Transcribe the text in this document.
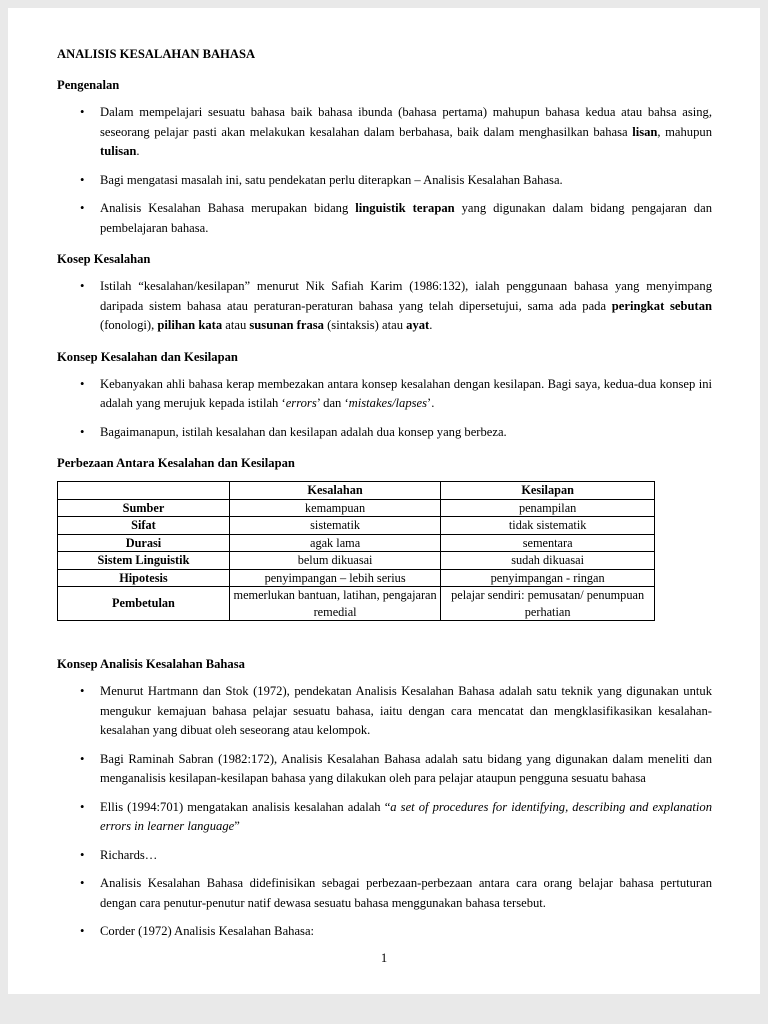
ANALISIS KESALAHAN BAHASA
Pengenalan
• Dalam mempelajari sesuatu bahasa baik bahasa ibunda (bahasa pertama) mahupun bahasa kedua atau bahsa asing, seseorang pelajar pasti akan melakukan kesalahan dalam berbahasa, baik dalam menghasilkan bahasa lisan, mahupun tulisan.
• Bagi mengatasi masalah ini, satu pendekatan perlu diterapkan – Analisis Kesalahan Bahasa.
• Analisis Kesalahan Bahasa merupakan bidang linguistik terapan yang digunakan dalam bidang pengajaran dan pembelajaran bahasa.
Kosep Kesalahan
• Istilah “kesalahan/kesilapan” menurut Nik Safiah Karim (1986:132), ialah penggunaan bahasa yang menyimpang daripada sistem bahasa atau peraturan-peraturan bahasa yang telah dipersetujui, sama ada pada peringkat sebutan (fonologi), pilihan kata atau susunan frasa (sintaksis) atau ayat.
Konsep Kesalahan dan Kesilapan
• Kebanyakan ahli bahasa kerap membezakan antara konsep kesalahan dengan kesilapan. Bagi saya, kedua-dua konsep ini adalah yang merujuk kepada istilah ‘errors’ dan ‘mistakes/lapses’.
• Bagaimanapun, istilah kesalahan dan kesilapan adalah dua konsep yang berbeza.
Perbezaan Antara Kesalahan dan Kesilapan
	Kesalahan	Kesilapan
Sumber	kemampuan	penampilan
Sifat	sistematik	tidak sistematik
Durasi	agak lama	sementara
Sistem Linguistik	belum dikuasai	sudah dikuasai
Hipotesis	penyimpangan – lebih serius	penyimpangan - ringan
Pembetulan	memerlukan bantuan, latihan, pengajaran remedial	pelajar sendiri: pemusatan/ penumpuan perhatian
Konsep Analisis Kesalahan Bahasa
• Menurut Hartmann dan Stok (1972), pendekatan Analisis Kesalahan Bahasa adalah satu teknik yang digunakan untuk mengukur kemajuan bahasa pelajar sesuatu bahasa, iaitu dengan cara mencatat dan mengklasifikasikan kesalahan-kesalahan yang dibuat oleh seseorang atau kelompok.
• Bagi Raminah Sabran (1982:172), Analisis Kesalahan Bahasa adalah satu bidang yang digunakan dalam meneliti dan menganalisis kesilapan-kesilapan bahasa yang dilakukan oleh para pelajar ataupun pengguna sesuatu bahasa
• Ellis (1994:701) mengatakan analisis kesalahan adalah “a set of procedures for identifying, describing and explanation errors in learner language”
• Richards…
• Analisis Kesalahan Bahasa didefinisikan sebagai perbezaan-perbezaan antara cara orang belajar bahasa pertuturan dengan cara penutur-penutur natif dewasa sesuatu bahasa menggunakan bahasa tersebut.
• Corder (1972) Analisis Kesalahan Bahasa:
1
